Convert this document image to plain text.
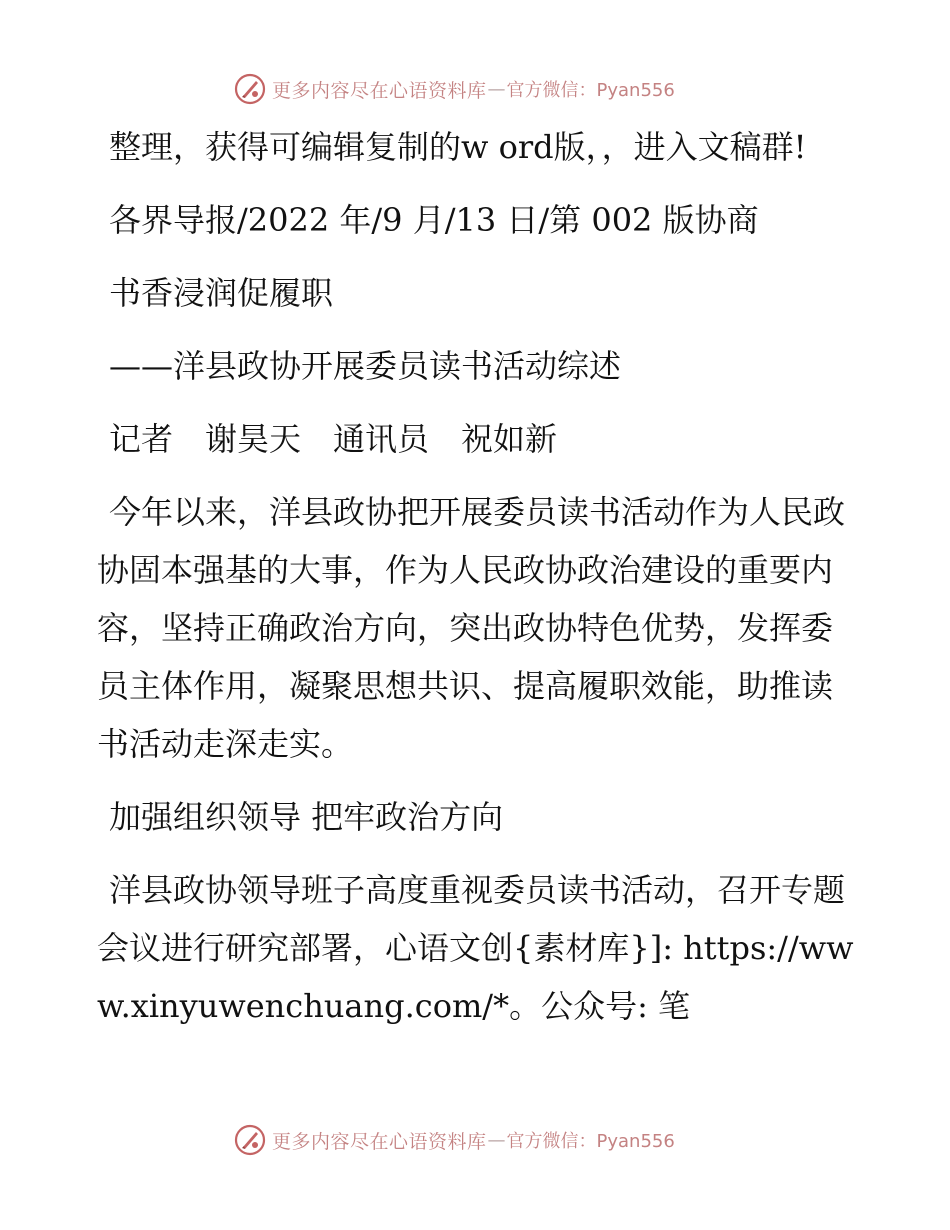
更多内容尽在心语资料库 — 官方微信：Pyan556

整理，获得可编辑复制的w ord版，，进入文稿群!

各界导报/2022 年/9 月/13 日/第 002 版协商
书香浸润促履职
——洋县政协开展委员读书活动综述
记者　谢昊天　通讯员　祝如新

今年以来，洋县政协把开展委员读书活动作为人民政协固本强基的大事，作为人民政协政治建设的重要内容，坚持正确政治方向，突出政协特色优势，发挥委员主体作用，凝聚思想共识、提高履职效能，助推读书活动走深走实。

加强组织领导 把牢政治方向

洋县政协领导班子高度重视委员读书活动，召开专题会议进行研究部署，心语文创{素材库}]: https://www.xinyuwenchuang.com/*。公众号: 笔

更多内容尽在心语资料库 — 官方微信：Pyan556
